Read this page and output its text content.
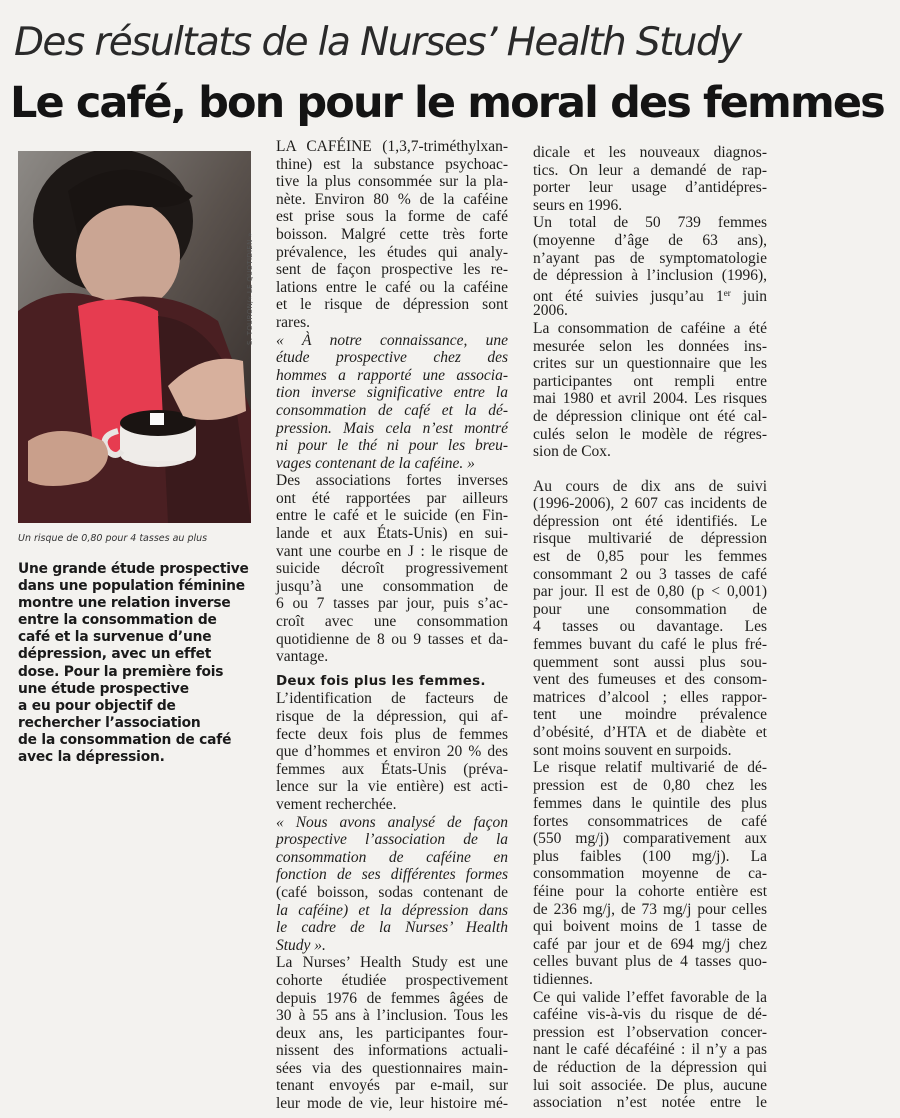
Des résultats de la Nurses’ Health Study
Le café, bon pour le moral des femmes
S. TOURON/« LE QUOTIDIEN »
Un risque de 0,80 pour 4 tasses au plus
Une grande étude prospective
dans une population féminine
montre une relation inverse
entre la consommation de
café et la survenue d’une
dépression, avec un effet
dose. Pour la première fois
une étude prospective
a eu pour objectif de
rechercher l’association
de la consommation de café
avec la dépression.
LA CAFÉINE (1,3,7-triméthylxan-
thine) est la substance psychoac-
tive la plus consommée sur la pla-
nète. Environ 80 % de la caféine
est prise sous la forme de café
boisson. Malgré cette très forte
prévalence, les études qui analy-
sent de façon prospective les re-
lations entre le café ou la caféine
et le risque de dépression sont
rares.
« À notre connaissance, une
étude prospective chez des
hommes a rapporté une associa-
tion inverse significative entre la
consommation de café et la dé-
pression. Mais cela n’est montré
ni pour le thé ni pour les breu-
vages contenant de la caféine. »
Des associations fortes inverses
ont été rapportées par ailleurs
entre le café et le suicide (en Fin-
lande et aux États-Unis) en sui-
vant une courbe en J : le risque de
suicide décroît progressivement
jusqu’à une consommation de
6 ou 7 tasses par jour, puis s’ac-
croît avec une consommation
quotidienne de 8 ou 9 tasses et da-
vantage.
Deux fois plus les femmes.
L’identification de facteurs de
risque de la dépression, qui af-
fecte deux fois plus de femmes
que d’hommes et environ 20 % des
femmes aux États-Unis (préva-
lence sur la vie entière) est acti-
vement recherchée.
« Nous avons analysé de façon
prospective l’association de la
consommation de caféine en
fonction de ses différentes formes
(café boisson, sodas contenant de
la caféine) et la dépression dans
le cadre de la Nurses’ Health
Study ».
La Nurses’ Health Study est une
cohorte étudiée prospectivement
depuis 1976 de femmes âgées de
30 à 55 ans à l’inclusion. Tous les
deux ans, les participantes four-
nissent des informations actuali-
sées via des questionnaires main-
tenant envoyés par e-mail, sur
leur mode de vie, leur histoire mé-
dicale et les nouveaux diagnos-
tics. On leur a demandé de rap-
porter leur usage d’antidépres-
seurs en 1996.
Un total de 50 739 femmes
(moyenne d’âge de 63 ans),
n’ayant pas de symptomatologie
de dépression à l’inclusion (1996),
ont été suivies jusqu’au 1er juin
2006.
La consommation de caféine a été
mesurée selon les données ins-
crites sur un questionnaire que les
participantes ont rempli entre
mai 1980 et avril 2004. Les risques
de dépression clinique ont été cal-
culés selon le modèle de régres-
sion de Cox.
Au cours de dix ans de suivi
(1996-2006), 2 607 cas incidents de
dépression ont été identifiés. Le
risque multivarié de dépression
est de 0,85 pour les femmes
consommant 2 ou 3 tasses de café
par jour. Il est de 0,80 (p < 0,001)
pour une consommation de
4 tasses ou davantage. Les
femmes buvant du café le plus fré-
quemment sont aussi plus sou-
vent des fumeuses et des consom-
matrices d’alcool ; elles rappor-
tent une moindre prévalence
d’obésité, d’HTA et de diabète et
sont moins souvent en surpoids.
Le risque relatif multivarié de dé-
pression est de 0,80 chez les
femmes dans le quintile des plus
fortes consommatrices de café
(550 mg/j) comparativement aux
plus faibles (100 mg/j). La
consommation moyenne de ca-
féine pour la cohorte entière est
de 236 mg/j, de 73 mg/j pour celles
qui boivent moins de 1 tasse de
café par jour et de 694 mg/j chez
celles buvant plus de 4 tasses quo-
tidiennes.
Ce qui valide l’effet favorable de la
caféine vis-à-vis du risque de dé-
pression est l’observation concer-
nant le café décaféiné : il n’y a pas
de réduction de la dépression qui
lui soit associée. De plus, aucune
association n’est notée entre le
